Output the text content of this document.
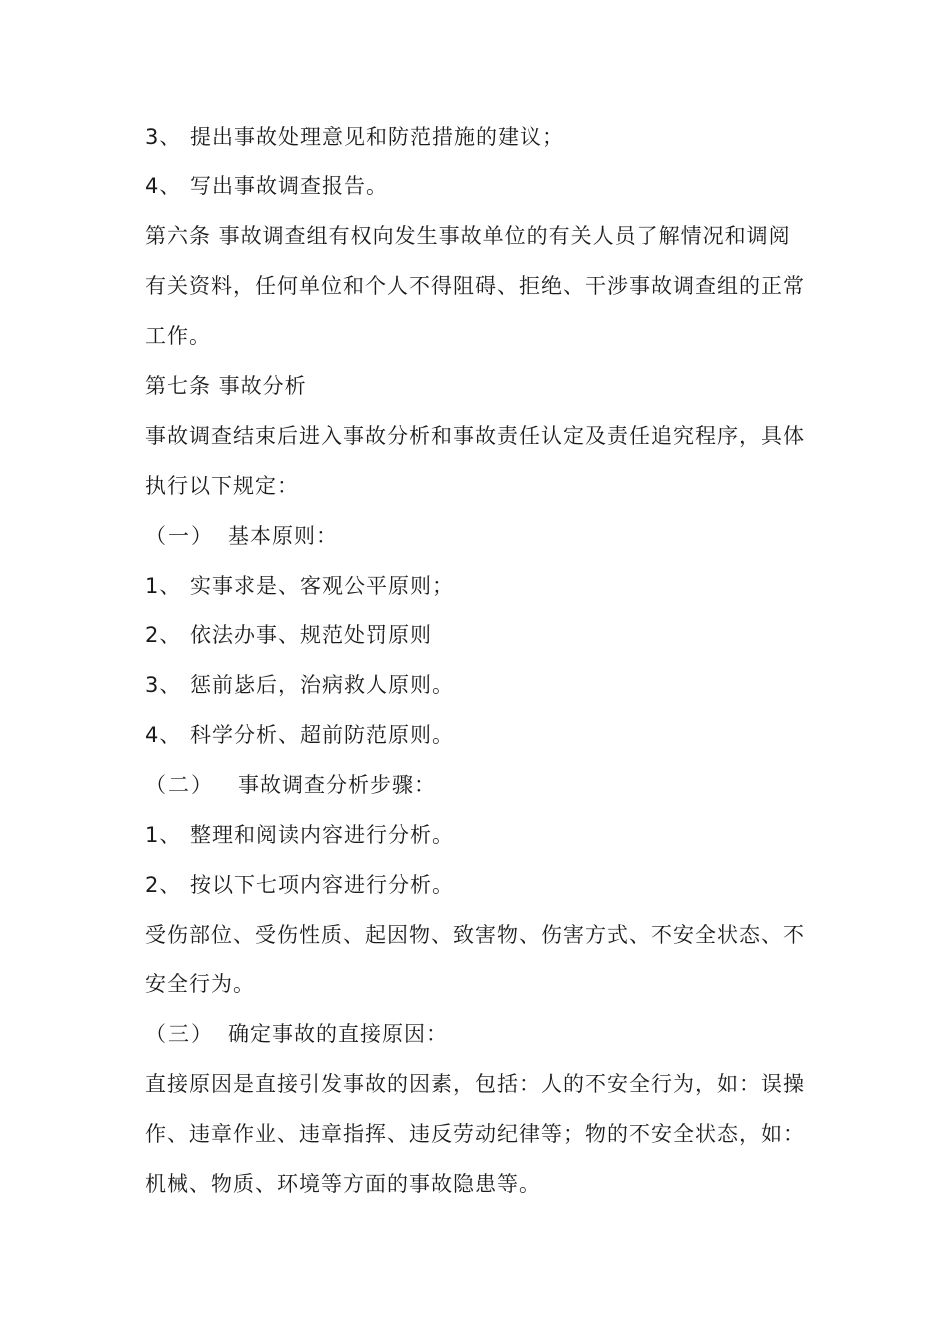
3、 提出事故处理意见和防范措施的建议；
4、 写出事故调查报告。
第六条 事故调查组有权向发生事故单位的有关人员了解情况和调阅
有关资料，任何单位和个人不得阻碍、拒绝、干涉事故调查组的正常
工作。
第七条 事故分析
事故调查结束后进入事故分析和事故责任认定及责任追究程序，具体
执行以下规定：
（一） 基本原则：
1、 实事求是、客观公平原则；
2、 依法办事、规范处罚原则
3、 惩前毖后，治病救人原则。
4、 科学分析、超前防范原则。
（二） 事故调查分析步骤：
1、 整理和阅读内容进行分析。
2、 按以下七项内容进行分析。
受伤部位、受伤性质、起因物、致害物、伤害方式、不安全状态、不
安全行为。
（三） 确定事故的直接原因：
直接原因是直接引发事故的因素，包括：人的不安全行为，如：误操
作、违章作业、违章指挥、违反劳动纪律等；物的不安全状态，如：
机械、物质、环境等方面的事故隐患等。
